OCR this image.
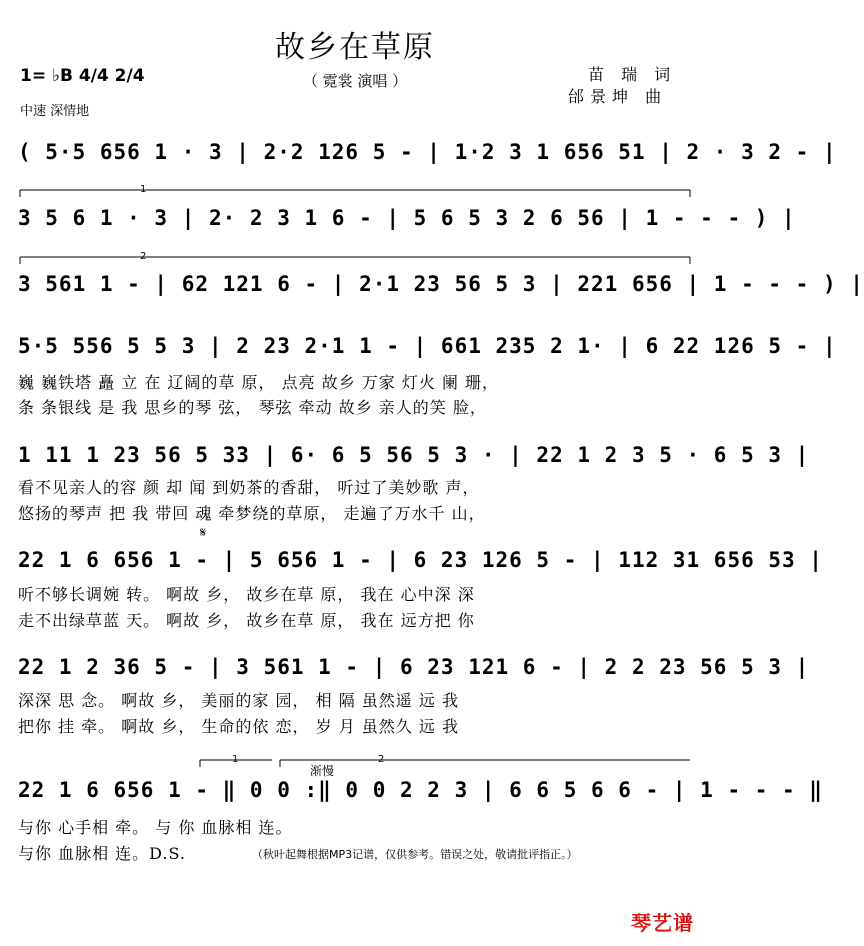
故乡在草原
（ 霓裳 演唱 ）	苗 瑞 词
邰景坤 曲
1= ♭B 4/4 2/4
中速 深情地
1
2
1	2
渐慢
𝄋
( 5·5 656 1 · 3 | 2·2 126 5 - | 1·2 3 1 656 51 | 2 · 3 2 - |
3 5 6 1 · 3 | 2· 2 3 1 6 - | 5 6 5 3 2 6 56 | 1 - - - ) |
3 561 1 - | 62 121 6 - | 2·1 23 56 5 3 | 221 656 | 1 - - - ) |
5·5 556 5 5 3 | 2 23 2·1 1 - | 661 235 2 1· | 6 22 126 5 - |
巍 巍铁塔 矗 立 在 辽阔的草 原， 点亮 故乡 万家 灯火 阑 珊，
条 条银线 是 我 思乡的琴 弦， 琴弦 牵动 故乡 亲人的笑 脸，
1 11 1 23 56 5 33 | 6· 6 5 56 5 3 · | 22 1 2 3 5 · 6 5 3 |
看不见亲人的容 颜 却 闻 到奶茶的香甜， 听过了美妙歌 声，
悠扬的琴声 把 我 带回 魂 牵梦绕的草原， 走遍了万水千 山，
22 1 6 656 1 - | 5 656 1 - | 6 23 126 5 - | 112 31 656 53 |
听不够长调婉 转。 啊故 乡， 故乡在草 原， 我在 心中深 深
走不出绿草蓝 天。 啊故 乡， 故乡在草 原， 我在 远方把 你
22 1 2 36 5 - | 3 561 1 - | 6 23 121 6 - | 2 2 23 56 5 3 |
深深 思 念。 啊故 乡， 美丽的家 园， 相 隔 虽然遥 远 我
把你 挂 牵。 啊故 乡， 生命的依 恋， 岁 月 虽然久 远 我
22 1 6 656 1 - ‖ 0 0 :‖ 0 0 2 2 3 | 6 6 5 6 6 - | 1 - - - ‖
与你 心手相 牵。 与 你 血脉相 连。
与你 血脉相 连。D.S.	（秋叶起舞根据MP3记谱，仅供参考。错误之处，敬请批评指正。）
琴艺谱
